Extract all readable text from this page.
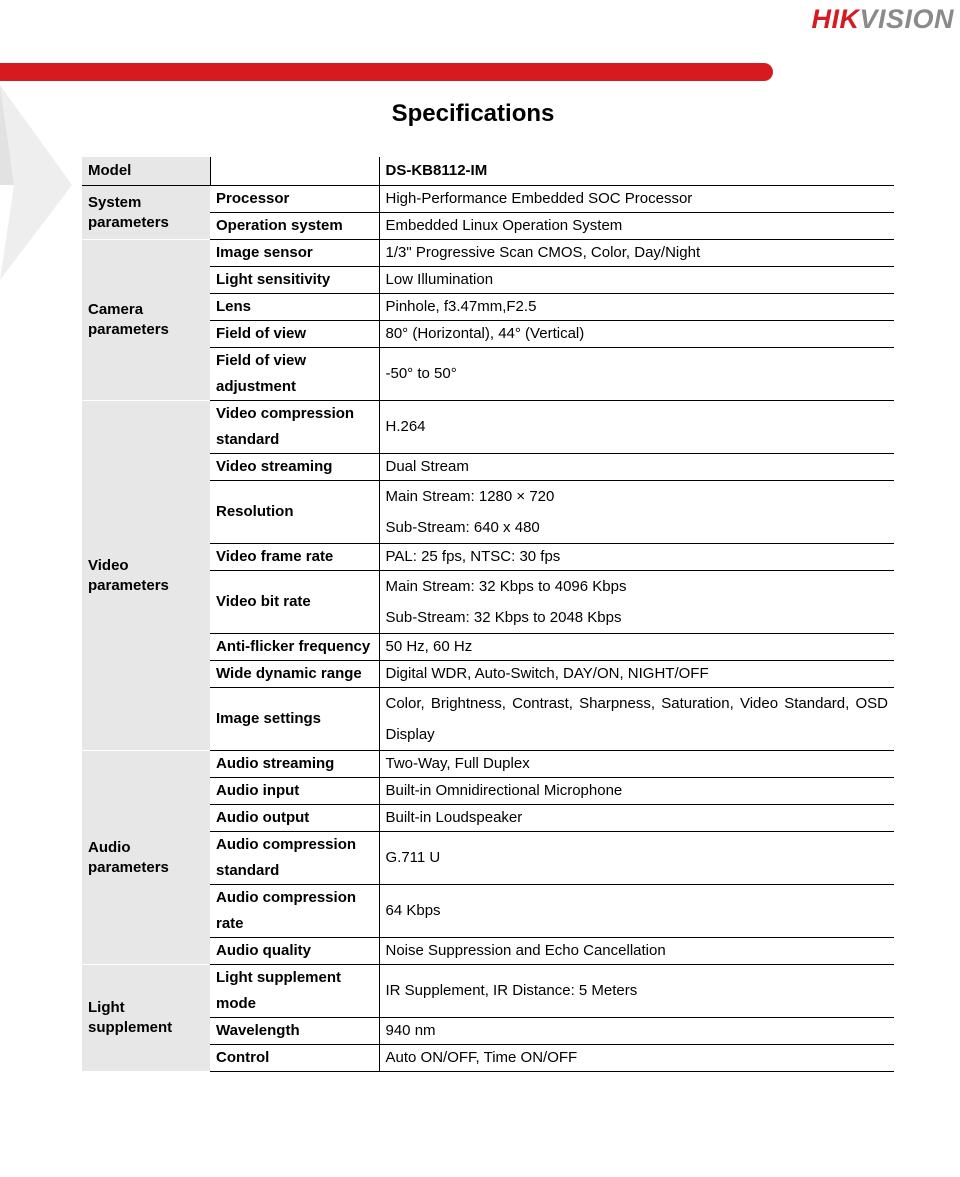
HIKVISION
Specifications
Model		DS-KB8112-IM
System parameters	Processor	High-Performance Embedded SOC Processor

	Operation system	Embedded Linux Operation System

Camera parameters	Image sensor	1/3" Progressive Scan CMOS, Color, Day/Night

	Light sensitivity	Low Illumination

	Lens	Pinhole, f3.47mm,F2.5

	Field of view	80° (Horizontal), 44° (Vertical)

	Field of view adjustment	-50° to 50°

Video parameters	Video compression standard	H.264

	Video streaming	Dual Stream

	Resolution	Main Stream: 1280 × 720
Sub-Stream: 640 x 480

	Video frame rate	PAL: 25 fps, NTSC: 30 fps

	Video bit rate	Main Stream: 32 Kbps to 4096 Kbps
Sub-Stream: 32 Kbps to 2048 Kbps

	Anti-flicker frequency	50 Hz, 60 Hz

	Wide dynamic range	Digital WDR, Auto-Switch, DAY/ON, NIGHT/OFF

	Image settings	Color, Brightness, Contrast, Sharpness, Saturation, Video Standard, OSD Display

Audio parameters	Audio streaming	Two-Way, Full Duplex

	Audio input	Built-in Omnidirectional Microphone

	Audio output	Built-in Loudspeaker

	Audio compression standard	G.711 U

	Audio compression rate	64 Kbps

	Audio quality	Noise Suppression and Echo Cancellation

Light supplement	Light supplement mode	IR Supplement, IR Distance: 5 Meters

	Wavelength	940 nm

	Control	Auto ON/OFF, Time ON/OFF
